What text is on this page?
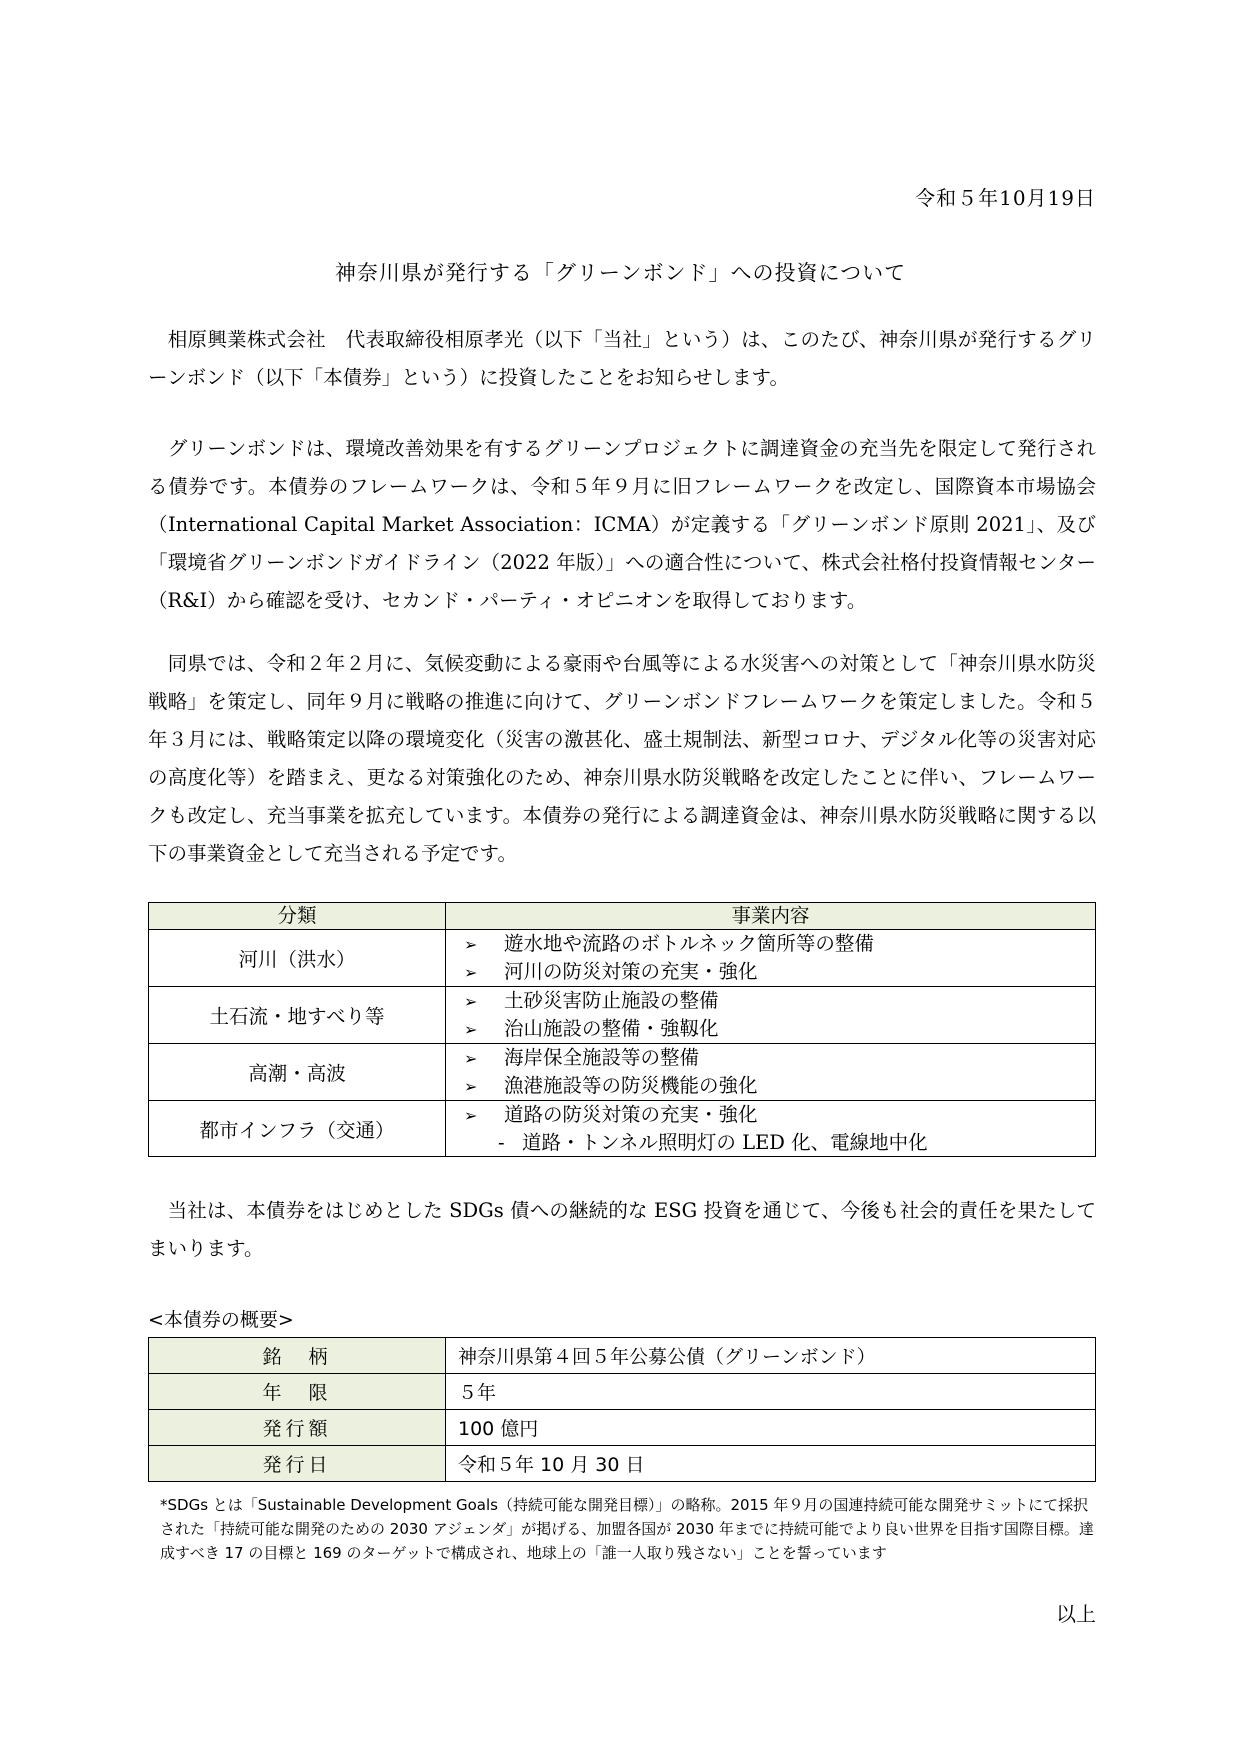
令和５年10月19日
神奈川県が発行する「グリーンボンド」への投資について
　相原興業株式会社　代表取締役相原孝光（以下「当社」という）は、このたび、神奈川県が発行するグリーンボンド（以下「本債券」という）に投資したことをお知らせします。
　グリーンボンドは、環境改善効果を有するグリーンプロジェクトに調達資金の充当先を限定して発行される債券です。本債券のフレームワークは、令和５年９月に旧フレームワークを改定し、国際資本市場協会（International Capital Market Association：ICMA）が定義する「グリーンボンド原則 2021」、及び「環境省グリーンボンドガイドライン（2022 年版）」への適合性について、株式会社格付投資情報センター（R&I）から確認を受け、セカンド・パーティ・オピニオンを取得しております。
　同県では、令和２年２月に、気候変動による豪雨や台風等による水災害への対策として「神奈川県水防災戦略」を策定し、同年９月に戦略の推進に向けて、グリーンボンドフレームワークを策定しました。令和５年３月には、戦略策定以降の環境変化（災害の激甚化、盛土規制法、新型コロナ、デジタル化等の災害対応の高度化等）を踏まえ、更なる対策強化のため、神奈川県水防災戦略を改定したことに伴い、フレームワークも改定し、充当事業を拡充しています。本債券の発行による調達資金は、神奈川県水防災戦略に関する以下の事業資金として充当される予定です。
分類	事業内容
河川（洪水）	➢ 遊水地や流路のボトルネック箇所等の整備
➢ 河川の防災対策の充実・強化

土石流・地すべり等	➢ 土砂災害防止施設の整備
➢ 治山施設の整備・強靱化

高潮・高波	➢ 海岸保全施設等の整備
➢ 漁港施設等の防災機能の強化

都市インフラ（交通）	➢ 道路の防災対策の充実・強化
- 道路・トンネル照明灯の LED 化、電線地中化
　当社は、本債券をはじめとした SDGs 債への継続的な ESG 投資を通じて、今後も社会的責任を果たしてまいります。
<本債券の概要>
銘　柄	神奈川県第４回５年公募公債（グリーンボンド）
年　限	５年
発行額	100 億円
発行日	令和５年 10 月 30 日
*SDGs とは「Sustainable Development Goals（持続可能な開発目標）」の略称。2015 年９月の国連持続可能な開発サミットにて採択された「持続可能な開発のための 2030 アジェンダ」が掲げる、加盟各国が 2030 年までに持続可能でより良い世界を目指す国際目標。達成すべき 17 の目標と 169 のターゲットで構成され、地球上の「誰一人取り残さない」ことを誓っています
以上
